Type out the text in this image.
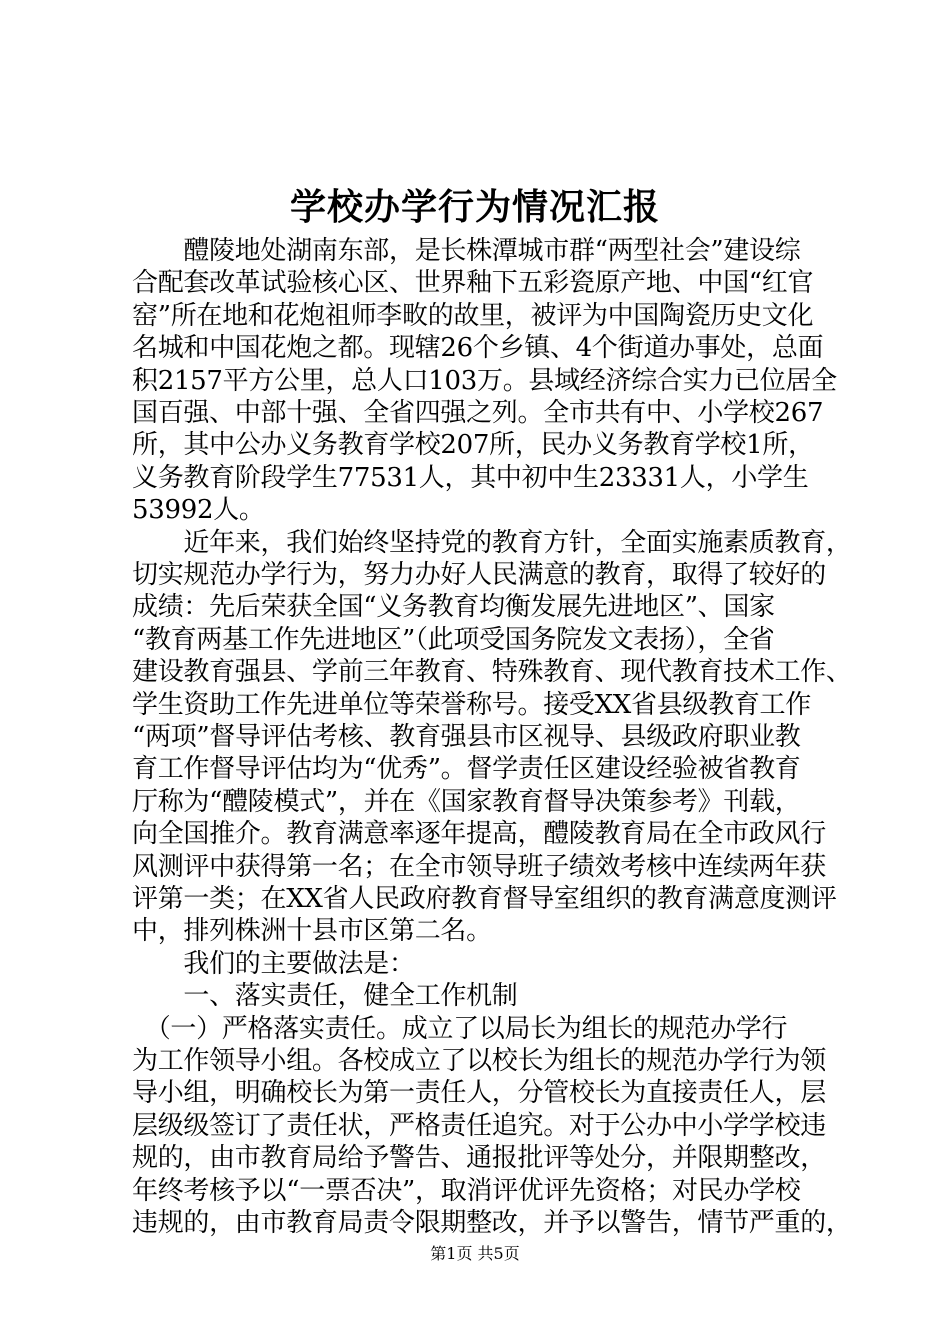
学校办学行为情况汇报
　　醴陵地处湖南东部，是长株潭城市群“两型社会”建设综
合配套改革试验核心区、世界釉下五彩瓷原产地、中国“红官
窑”所在地和花炮祖师李畋的故里，被评为中国陶瓷历史文化
名城和中国花炮之都。现辖26个乡镇、4个街道办事处，总面
积2157平方公里，总人口103万。县域经济综合实力已位居全
国百强、中部十强、全省四强之列。全市共有中、小学校267
所，其中公办义务教育学校207所，民办义务教育学校1所，
义务教育阶段学生77531人，其中初中生23331人，小学生
53992人。
　　近年来，我们始终坚持党的教育方针，全面实施素质教育，
切实规范办学行为，努力办好人民满意的教育，取得了较好的
成绩：先后荣获全国“义务教育均衡发展先进地区”、国家
“教育两基工作先进地区”（此项受国务院发文表扬），全省
建设教育强县、学前三年教育、特殊教育、现代教育技术工作、
学生资助工作先进单位等荣誉称号。接受XX省县级教育工作
“两项”督导评估考核、教育强县市区视导、县级政府职业教
育工作督导评估均为“优秀”。督学责任区建设经验被省教育
厅称为“醴陵模式”，并在《国家教育督导决策参考》刊载，
向全国推介。教育满意率逐年提高，醴陵教育局在全市政风行
风测评中获得第一名；在全市领导班子绩效考核中连续两年获
评第一类；在XX省人民政府教育督导室组织的教育满意度测评
中，排列株洲十县市区第二名。
　　我们的主要做法是：
　　一、落实责任，健全工作机制
　（一）严格落实责任。成立了以局长为组长的规范办学行
为工作领导小组。各校成立了以校长为组长的规范办学行为领
导小组，明确校长为第一责任人，分管校长为直接责任人，层
层级级签订了责任状，严格责任追究。对于公办中小学学校违
规的，由市教育局给予警告、通报批评等处分，并限期整改，
年终考核予以“一票否决”，取消评优评先资格；对民办学校
违规的，由市教育局责令限期整改，并予以警告，情节严重的，
第1页 共5页
